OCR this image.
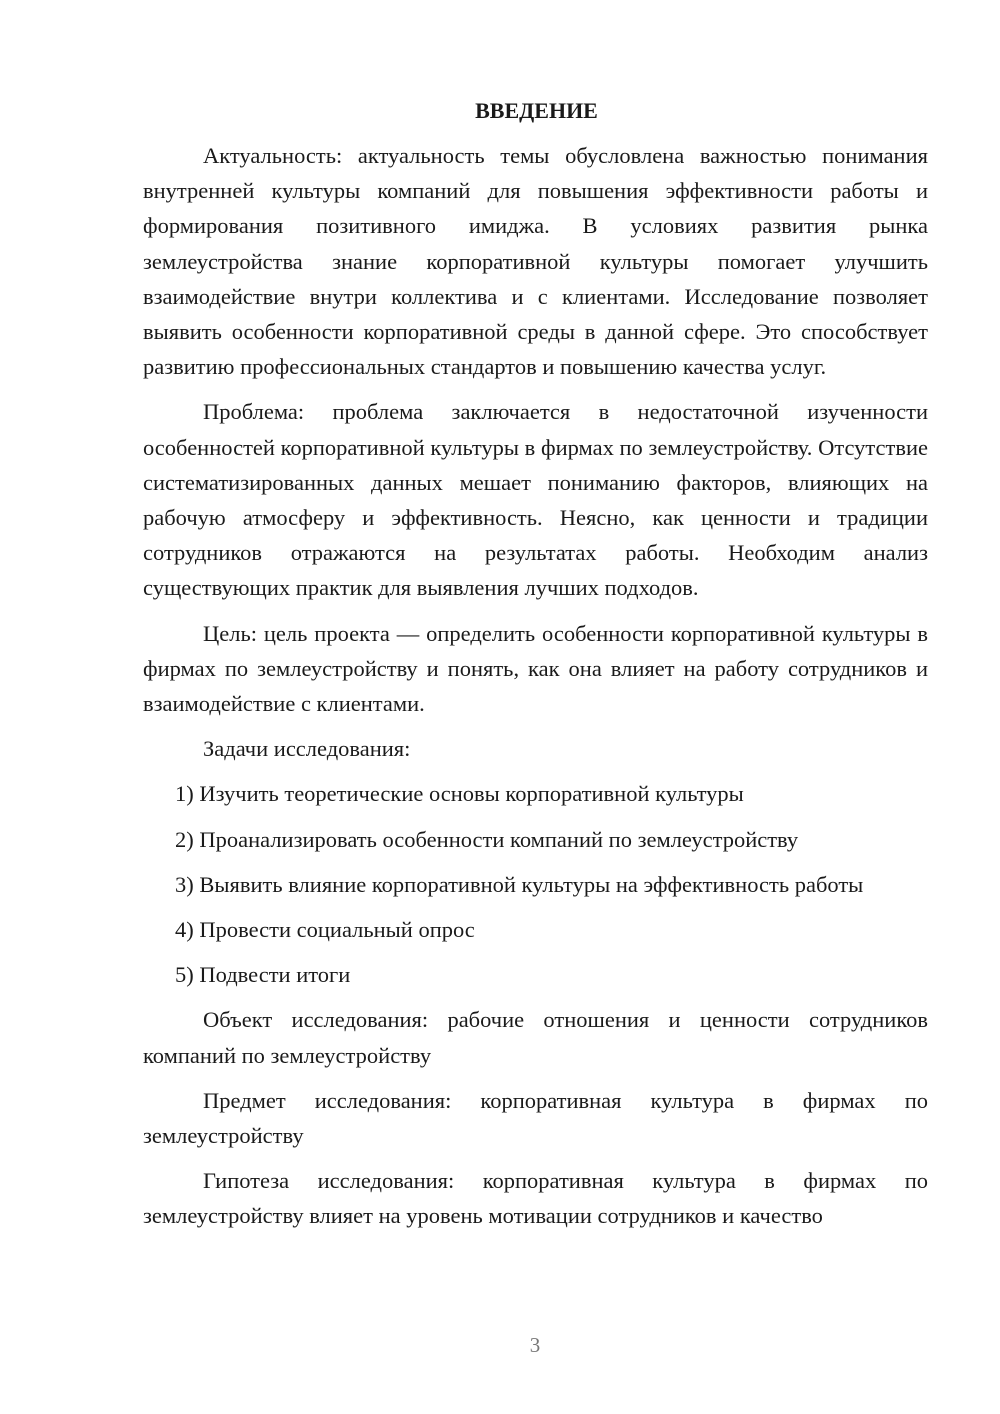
ВВЕДЕНИЕ

Актуальность: актуальность темы обусловлена важностью понимания внутренней культуры компаний для повышения эффективности работы и формирования позитивного имиджа. В условиях развития рынка землеустройства знание корпоративной культуры помогает улучшить взаимодействие внутри коллектива и с клиентами. Исследование позволяет выявить особенности корпоративной среды в данной сфере. Это способствует развитию профессиональных стандартов и повышению качества услуг.

Проблема: проблема заключается в недостаточной изученности особенностей корпоративной культуры в фирмах по землеустройству. Отсутствие систематизированных данных мешает пониманию факторов, влияющих на рабочую атмосферу и эффективность. Неясно, как ценности и традиции сотрудников отражаются на результатах работы. Необходим анализ существующих практик для выявления лучших подходов.

Цель: цель проекта — определить особенности корпоративной культуры в фирмах по землеустройству и понять, как она влияет на работу сотрудников и взаимодействие с клиентами.

Задачи исследования:

1) Изучить теоретические основы корпоративной культуры

2) Проанализировать особенности компаний по землеустройству

3) Выявить влияние корпоративной культуры на эффективность работы

4) Провести социальный опрос

5) Подвести итоги

Объект исследования: рабочие отношения и ценности сотрудников компаний по землеустройству

Предмет исследования: корпоративная культура в фирмах по землеустройству

Гипотеза исследования: корпоративная культура в фирмах по землеустройству влияет на уровень мотивации сотрудников и качество

3
